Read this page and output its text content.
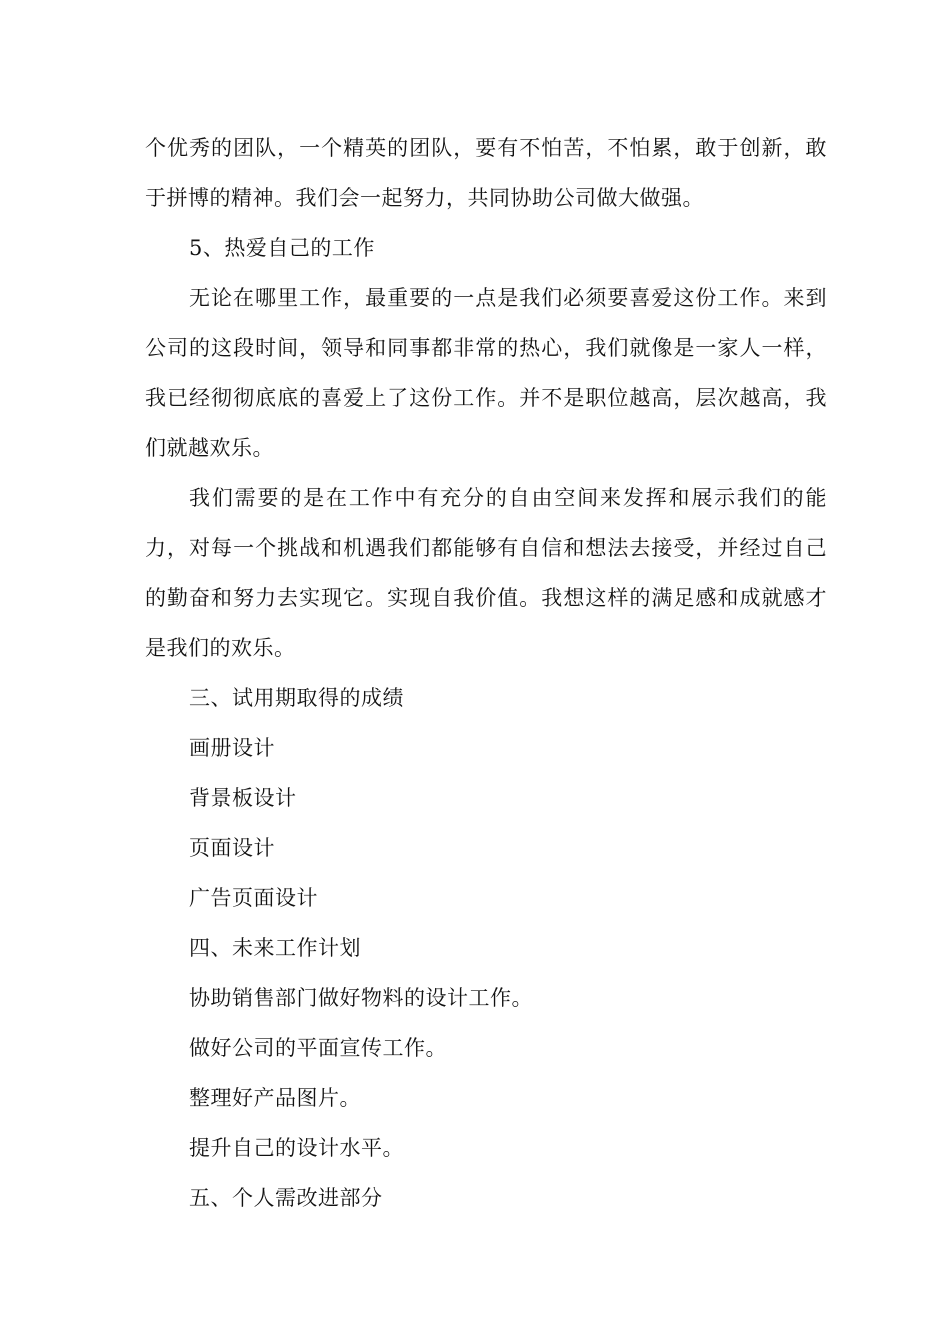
个优秀的团队，一个精英的团队，要有不怕苦，不怕累，敢于创新，敢于拼博的精神。我们会一起努力，共同协助公司做大做强。

5、热爱自己的工作

无论在哪里工作，最重要的一点是我们必须要喜爱这份工作。来到公司的这段时间，领导和同事都非常的热心，我们就像是一家人一样，我已经彻彻底底的喜爱上了这份工作。并不是职位越高，层次越高，我们就越欢乐。

我们需要的是在工作中有充分的自由空间来发挥和展示我们的能力，对每一个挑战和机遇我们都能够有自信和想法去接受，并经过自己的勤奋和努力去实现它。实现自我价值。我想这样的满足感和成就感才是我们的欢乐。

三、试用期取得的成绩

画册设计

背景板设计

页面设计

广告页面设计

四、未来工作计划

协助销售部门做好物料的设计工作。

做好公司的平面宣传工作。

整理好产品图片。

提升自己的设计水平。

五、个人需改进部分
